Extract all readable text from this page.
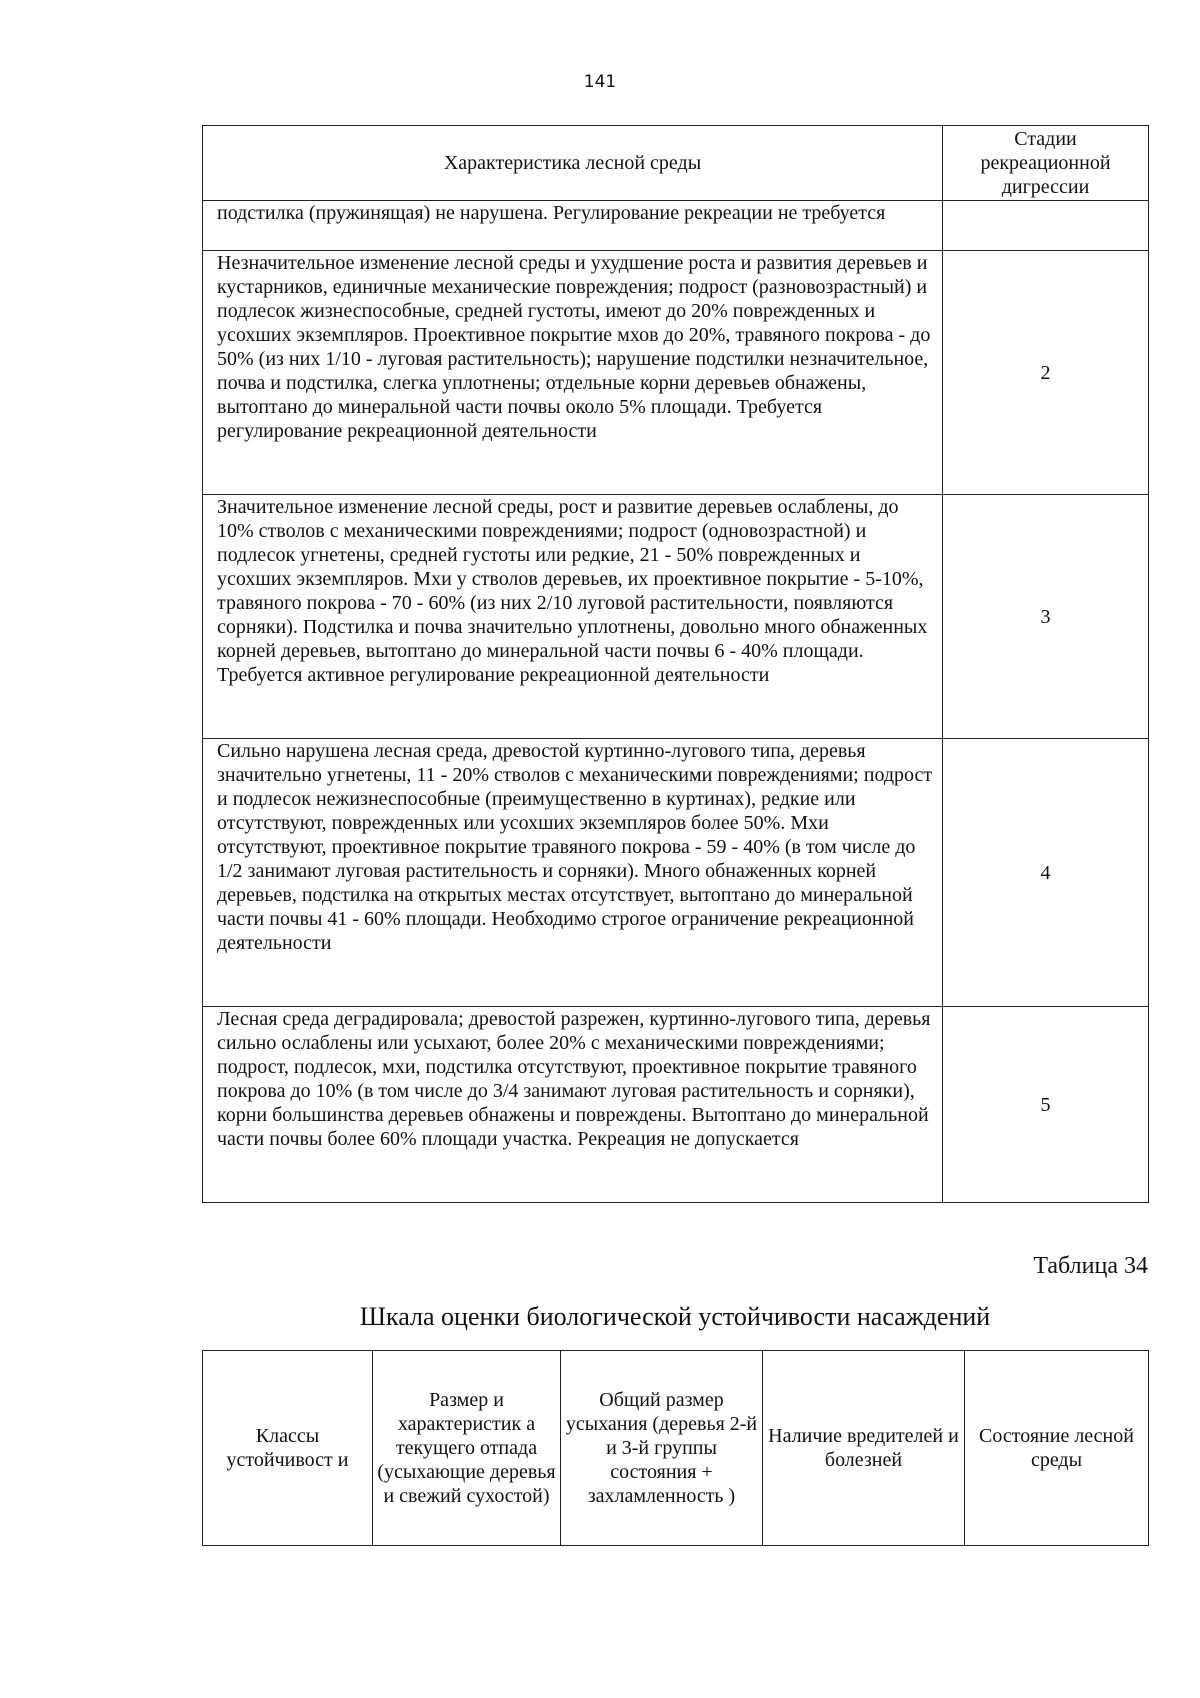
141
Характеристика лесной среды	Стадии рекреационной дигрессии
подстилка (пружинящая) не нарушена. Регулирование рекреации не требуется	
Незначительное изменение лесной среды и ухудшение роста и развития деревьев и кустарников, единичные механические повреждения; подрост (разновозрастный) и подлесок жизнеспособные, средней густоты, имеют до 20% поврежденных и усохших экземпляров. Проективное покрытие мхов до 20%, травяного покрова - до 50% (из них 1/10 - луговая растительность); нарушение подстилки незначительное, почва и подстилка, слегка уплотнены; отдельные корни деревьев обнажены, вытоптано до минеральной части почвы около 5% площади. Требуется регулирование рекреационной деятельности	2
Значительное изменение лесной среды, рост и развитие деревьев ослаблены, до 10% стволов с механическими повреждениями; подрост (одновозрастной) и подлесок угнетены, средней густоты или редкие, 21 - 50% поврежденных и усохших экземпляров. Мхи у стволов деревьев, их проективное покрытие - 5-10%, травяного покрова - 70 - 60% (из них 2/10 луговой растительности, появляются сорняки). Подстилка и почва значительно уплотнены, довольно много обнаженных корней деревьев, вытоптано до минеральной части почвы 6 - 40% площади. Требуется активное регулирование рекреационной деятельности	3
Сильно нарушена лесная среда, древостой куртинно-лугового типа, деревья значительно угнетены, 11 - 20% стволов с механическими повреждениями; подрост и подлесок нежизнеспособные (преимущественно в куртинах), редкие или отсутствуют, поврежденных или усохших экземпляров более 50%. Мхи отсутствуют, проективное покрытие травяного покрова - 59 - 40% (в том числе до 1/2 занимают луговая растительность и сорняки). Много обнаженных корней деревьев, подстилка на открытых местах отсутствует, вытоптано до минеральной части почвы 41 - 60% площади. Необходимо строгое ограничение рекреационной деятельности	4
Лесная среда деградировала; древостой разрежен, куртинно-лугового типа, деревья сильно ослаблены или усыхают, более 20% с механическими повреждениями; подрост, подлесок, мхи, подстилка отсутствуют, проективное покрытие травяного покрова до 10% (в том числе до 3/4 занимают луговая растительность и сорняки), корни большинства деревьев обнажены и повреждены. Вытоптано до минеральной части почвы более 60% площади участка. Рекреация не допускается	5
Таблица 34
Шкала оценки биологической устойчивости насаждений
Классы устойчивост и	Размер и характеристик а текущего отпада (усыхающие деревья и свежий сухостой)	Общий размер усыхания (деревья 2-й и 3-й группы состояния + захламленность )	Наличие вредителей и болезней	Состояние лесной среды
